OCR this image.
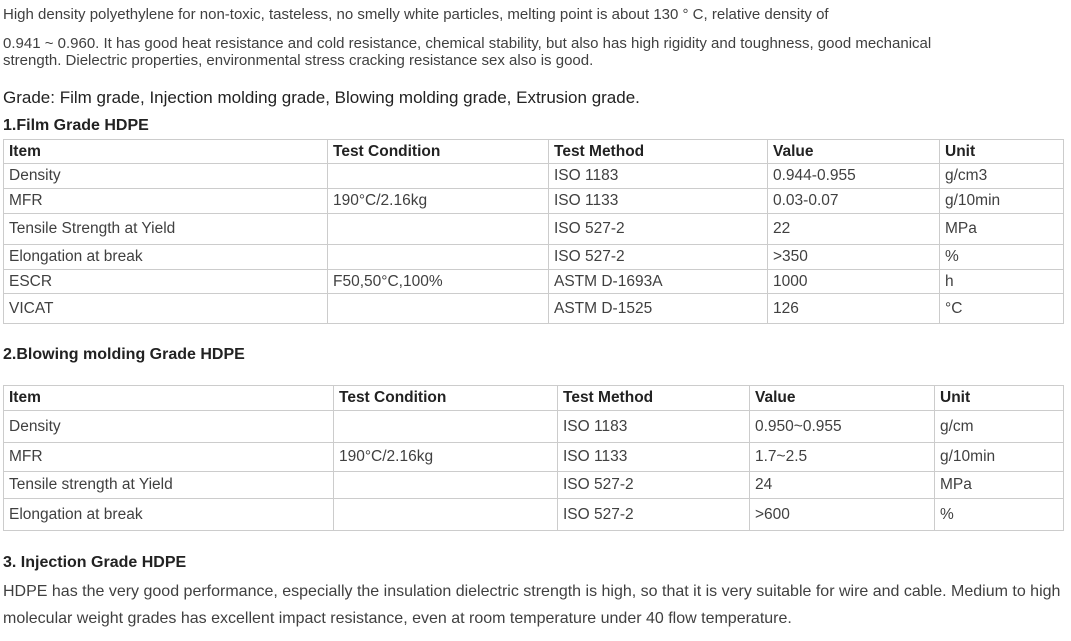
High density polyethylene for non-toxic, tasteless, no smelly white particles, melting point is about 130 ° C, relative density of

0.941 ~ 0.960. It has good heat resistance and cold resistance, chemical stability, but also has high rigidity and toughness, good mechanical strength. Dielectric properties, environmental stress cracking resistance sex also is good.

Grade: Film grade, Injection molding grade, Blowing molding grade, Extrusion grade.

1.Film Grade HDPE
Item	Test Condition	Test Method	Value	Unit
Density		ISO 1183	0.944-0.955	g/cm3
MFR	190°C/2.16kg	ISO 1133	0.03-0.07	g/10min
Tensile Strength at Yield		ISO 527-2	22	MPa
Elongation at break		ISO 527-2	>350	%
ESCR	F50,50°C,100%	ASTM D-1693A	1000	h
VICAT		ASTM D-1525	126	°C
2.Blowing molding Grade HDPE
Item	Test Condition	Test Method	Value	Unit
Density		ISO 1183	0.950~0.955	g/cm
MFR	190°C/2.16kg	ISO 1133	1.7~2.5	g/10min
Tensile strength at Yield		ISO 527-2	24	MPa
Elongation at break		ISO 527-2	>600	%
3. Injection Grade HDPE

HDPE has the very good performance, especially the insulation dielectric strength is high, so that it is very suitable for wire and cable. Medium to high molecular weight grades has excellent impact resistance, even at room temperature under 40 flow temperature.
